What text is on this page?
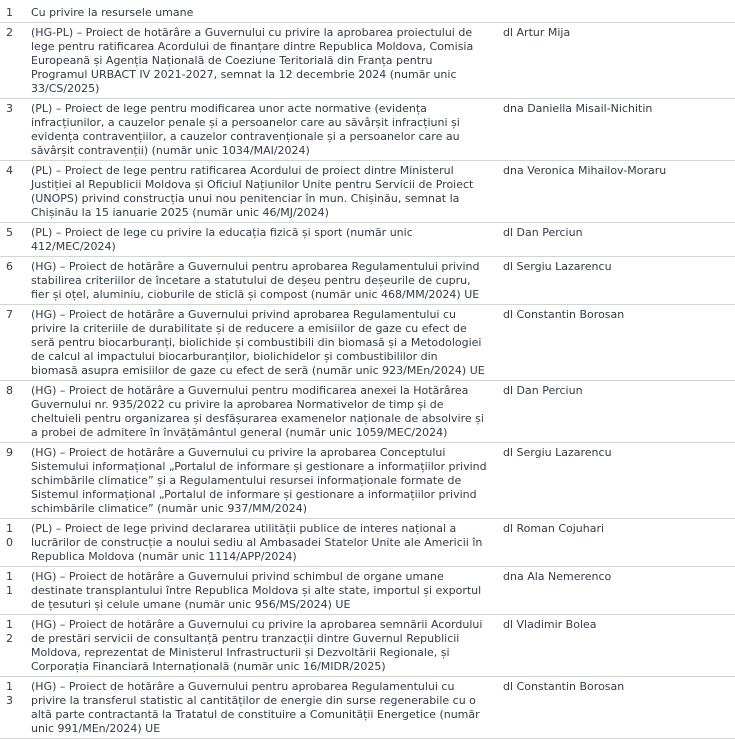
1	Cu privire la resursele umane	
2	(HG-PL) – Proiect de hotărâre a Guvernului cu privire la aprobarea proiectului de lege pentru ratificarea Acordului de finanțare dintre Republica Moldova, Comisia Europeană și Agenția Națională de Coeziune Teritorială din Franța pentru Programul URBACT IV 2021-2027, semnat la 12 decembrie 2024 (număr unic 33/CS/2025)	dl Artur Mija
3	(PL) – Proiect de lege pentru modificarea unor acte normative (evidența infracțiunilor, a cauzelor penale și a persoanelor care au săvârșit infracțiuni și evidența contravențiilor, a cauzelor contravenționale și a persoanelor care au săvârșit contravenții) (număr unic 1034/MAI/2024)	dna Daniella Misail-Nichitin
4	(PL) – Proiect de lege pentru ratificarea Acordului de proiect dintre Ministerul Justiției al Republicii Moldova și Oficiul Națiunilor Unite pentru Servicii de Proiect (UNOPS) privind construcția unui nou penitenciar în mun. Chișinău, semnat la Chișinău la 15 ianuarie 2025 (număr unic 46/MJ/2024)	dna Veronica Mihailov-Moraru
5	(PL) – Proiect de lege cu privire la educația fizică și sport (număr unic 412/MEC/2024)	dl Dan Perciun
6	(HG) – Proiect de hotărâre a Guvernului pentru aprobarea Regulamentului privind stabilirea criteriilor de încetare a statutului de deșeu pentru deșeurile de cupru, fier și oțel, aluminiu, cioburile de sticlă și compost (număr unic 468/MM/2024) UE	dl Sergiu Lazarencu
7	(HG) – Proiect de hotărâre a Guvernului privind aprobarea Regulamentului cu privire la criteriile de durabilitate și de reducere a emisiilor de gaze cu efect de seră pentru biocarburanți, biolichide și combustibili din biomasă și a Metodologiei de calcul al impactului biocarburanților, biolichidelor și combustibililor din biomasă asupra emisiilor de gaze cu efect de seră (număr unic 923/MEn/2024) UE	dl Constantin Borosan
8	(HG) – Proiect de hotărâre a Guvernului pentru modificarea anexei la Hotărârea Guvernului nr. 935/2022 cu privire la aprobarea Normativelor de timp și de cheltuieli pentru organizarea și desfășurarea examenelor naționale de absolvire și a probei de admitere în învățământul general (număr unic 1059/MEC/2024)	dl Dan Perciun
9	(HG) – Proiect de hotărâre a Guvernului cu privire la aprobarea Conceptului Sistemului informațional „Portalul de informare și gestionare a informațiilor privind schimbările climatice” și a Regulamentului resursei informaționale formate de Sistemul informațional „Portalul de informare și gestionare a informațiilor privind schimbările climatice” (număr unic 937/MM/2024)	dl Sergiu Lazarencu
10	(PL) – Proiect de lege privind declararea utilității publice de interes național a lucrărilor de construcție a noului sediu al Ambasadei Statelor Unite ale Americii în Republica Moldova (număr unic 1114/APP/2024)	dl Roman Cojuhari
11	(HG) – Proiect de hotărâre a Guvernului privind schimbul de organe umane destinate transplantului între Republica Moldova și alte state, importul și exportul de țesuturi și celule umane (număr unic 956/MS/2024) UE	dna Ala Nemerenco
12	(HG) – Proiect de hotărâre a Guvernului cu privire la aprobarea semnării Acordului de prestări servicii de consultanță pentru tranzacții dintre Guvernul Republicii Moldova, reprezentat de Ministerul Infrastructurii și Dezvoltării Regionale, și Corporația Financiară Internațională (număr unic 16/MIDR/2025)	dl Vladimir Bolea
13	(HG) – Proiect de hotărâre a Guvernului pentru aprobarea Regulamentului cu privire la transferul statistic al cantităților de energie din surse regenerabile cu o altă parte contractantă la Tratatul de constituire a Comunității Energetice (număr unic 991/MEn/2024) UE	dl Constantin Borosan
